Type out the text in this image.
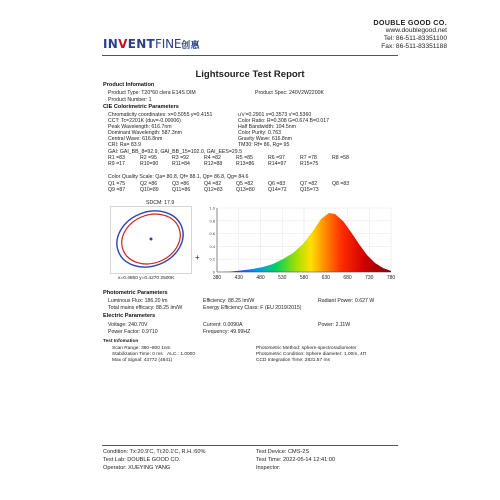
DOUBLE GOOD CO.
www.doublegood.net
Tel: 86-511-83351100
Fax: 86-511-83351188
INVENTFINE创惠
Lightsource Test Report
Product Infomation
Product Type: T20*60 clera E14S DIM	Product Spec: 240V2W2200K
Product Number: 1
CIE Colorimetric Parameters
Chromaticity coordinates: x=0.5055 y=0.4151
CCT: Tc=2201K (duv=-0.00006)
Peak Wavelength: 616.7nm
Dominant Wavelength: 587.3nm
Central Wave: 616.8nm
CRI: Ra= 83.9
u'v'=0.2901 v=0.3573 v'=0.5360
Color Ratio: R=0.308 G=0.674 B=0.017
Half Bandwidth: 104.5nm
Color Purity: 0.763
Gravity Wave: 616.8nm
TM30: Rf= 86, Rg= 95
GAI: GAI_BB_8=92.9, GAI_BB_15=102.0, GAI_EES=29.5
R1 =83	R2 =95	R3 =92	R4 =82	R5 =85	R6 =97	R7 =78	R8 =58
R9 =17	R10=90	R11=84	R12=88	R13=86	R14=97	R15=75
Color Quality Scale: Qa= 80.8, Qf= 88.1, Qp= 86.8, Qg= 84.6
Q1 =75	Q2 =86	Q3 =86	Q4 =82	Q5 =82	Q6 =83	Q7 =82	Q8 =83
Q9 =87	Q10=89	Q11=86	Q12=83	Q13=80	Q14=72	Q15=73
SDCM: 17.9
x=0.4850 y=0.4270 2500K
+
1.0
0.8
0.6
0.4
0.2
0
380	430	480	530	580	630	680	730	780
Photometric Parameters
Luminous Flux: 186.20 lm	Efficiency: 88.25 lm/W	Radiant Power: 0.627 W
Total mains efficacy: 88.25 lm/W	Energy Efficiency Class: F (EU 2019/2015)
Electric Parameters
Voltage: 240.70V	Current: 0.0090A	Power: 2.11W
Power Factor: 0.9710	Frequency: 49.99HZ
Test Infomation
Scan Range: 380~800 1nm
Stabilization Time: 0 ms ALC.: 1.0000
Max of Signal: 43772 (4841)
Photometric Method: sphere-spectroradiometer
Photometric Condition: Sphere diameter: 1.00m, 4Π
CCD Integration Time: 2831.57 ms
Condition: Tx:20.9'C, Ti:20.1'C, R.H.:60%	Test Device: CMS-2S
Test Lab: DOUBLE GOOD CO.	Test Time: 2022-05-14 12:41:00
Operator: XUEYING YANG	Inspector:
